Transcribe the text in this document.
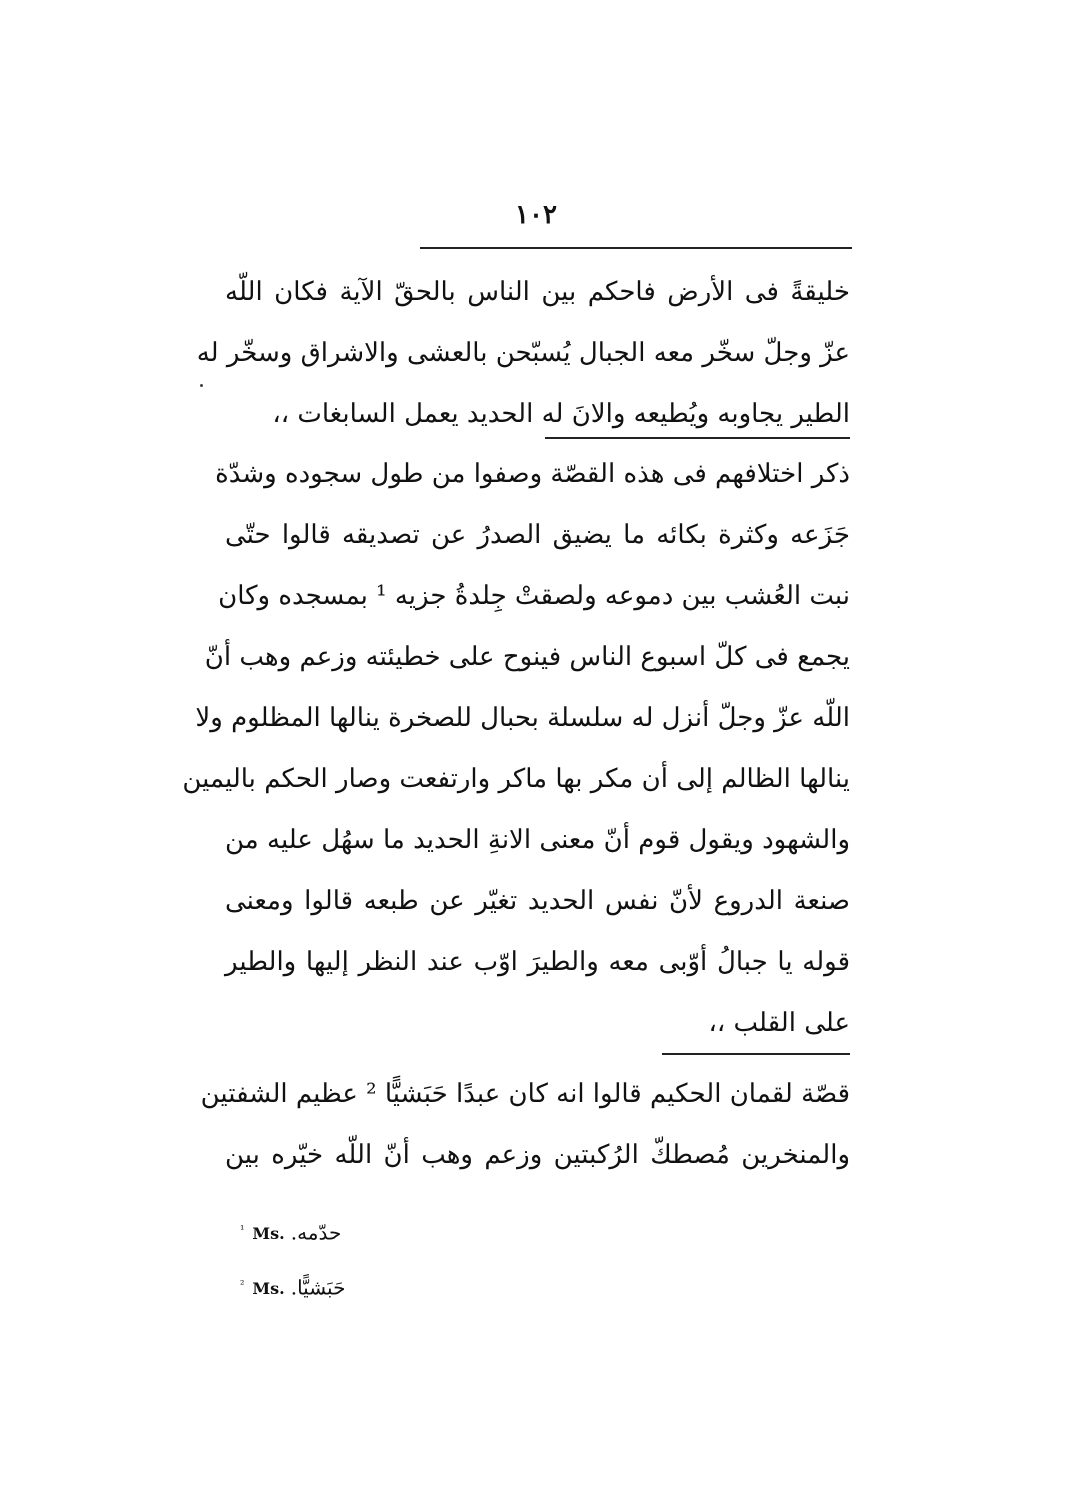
١٠٢
خليقةً فى الأرض فاحكم بين الناس بالحقّ الآية فكان اللّه
عزّ وجلّ سخّر معه الجبال يُسبّحن بالعشى والاشراق وسخّر له
الطير يجاوبه ويُطيعه والانَ له الحديد يعمل السابغات ،،
ذكر اختلافهم فى هذه القصّة وصفوا من طول سجوده وشدّة
جَزَعه وكثرة بكائه ما يضيق الصدرُ عن تصديقه قالوا حتّى
نبت العُشب بين دموعه ولصقتْ جِلدةُ جزيه ¹ بمسجده وكان
يجمع فى كلّ اسبوع الناس فينوح على خطيئته وزعم وهب أنّ
اللّه عزّ وجلّ أنزل له سلسلة بحبال للصخرة ينالها المظلوم ولا
ينالها الظالم إلى أن مكر بها ماكر وارتفعت وصار الحكم باليمين
والشهود ويقول قوم أنّ معنى الانةِ الحديد ما سهُل عليه من
صنعة الدروع لأنّ نفس الحديد تغيّر عن طبعه قالوا ومعنى
قوله يا جبالُ أوّبى معه والطيرَ اوّب عند النظر إليها والطير
على القلب ،،
قصّة لقمان الحكيم قالوا انه كان عبدًا حَبَشيًّا ² عظيم الشفتين
والمنخرين مُصطكّ الرُكبتين وزعم وهب أنّ اللّه خيّره بين
$^{^1}$ Ms. حدّمه.
$^{^2}$ Ms. حَبَشيًّا.
